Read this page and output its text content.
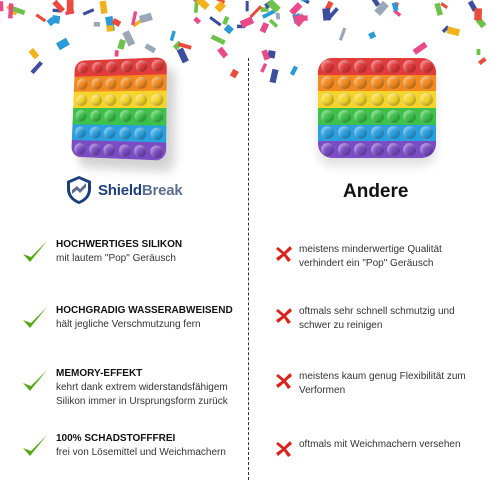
ShieldBreak	Andere
HOCHWERTIGES SILIKON
mit lautem "Pop" Geräusch
HOCHGRADIG WASSERABWEISEND
hält jegliche Verschmutzung fern
MEMORY-EFFEKT
kehrt dank extrem widerstandsfähigem
Silikon immer in Ursprungsform zurück
100% SCHADSTOFFFREI
frei von Lösemittel und Weichmachern
meistens minderwertige Qualität
verhindert ein "Pop" Geräusch
oftmals sehr schnell schmutzig und
schwer zu reinigen
meistens kaum genug Flexibilität zum
Verformen
oftmals mit Weichmachern versehen
